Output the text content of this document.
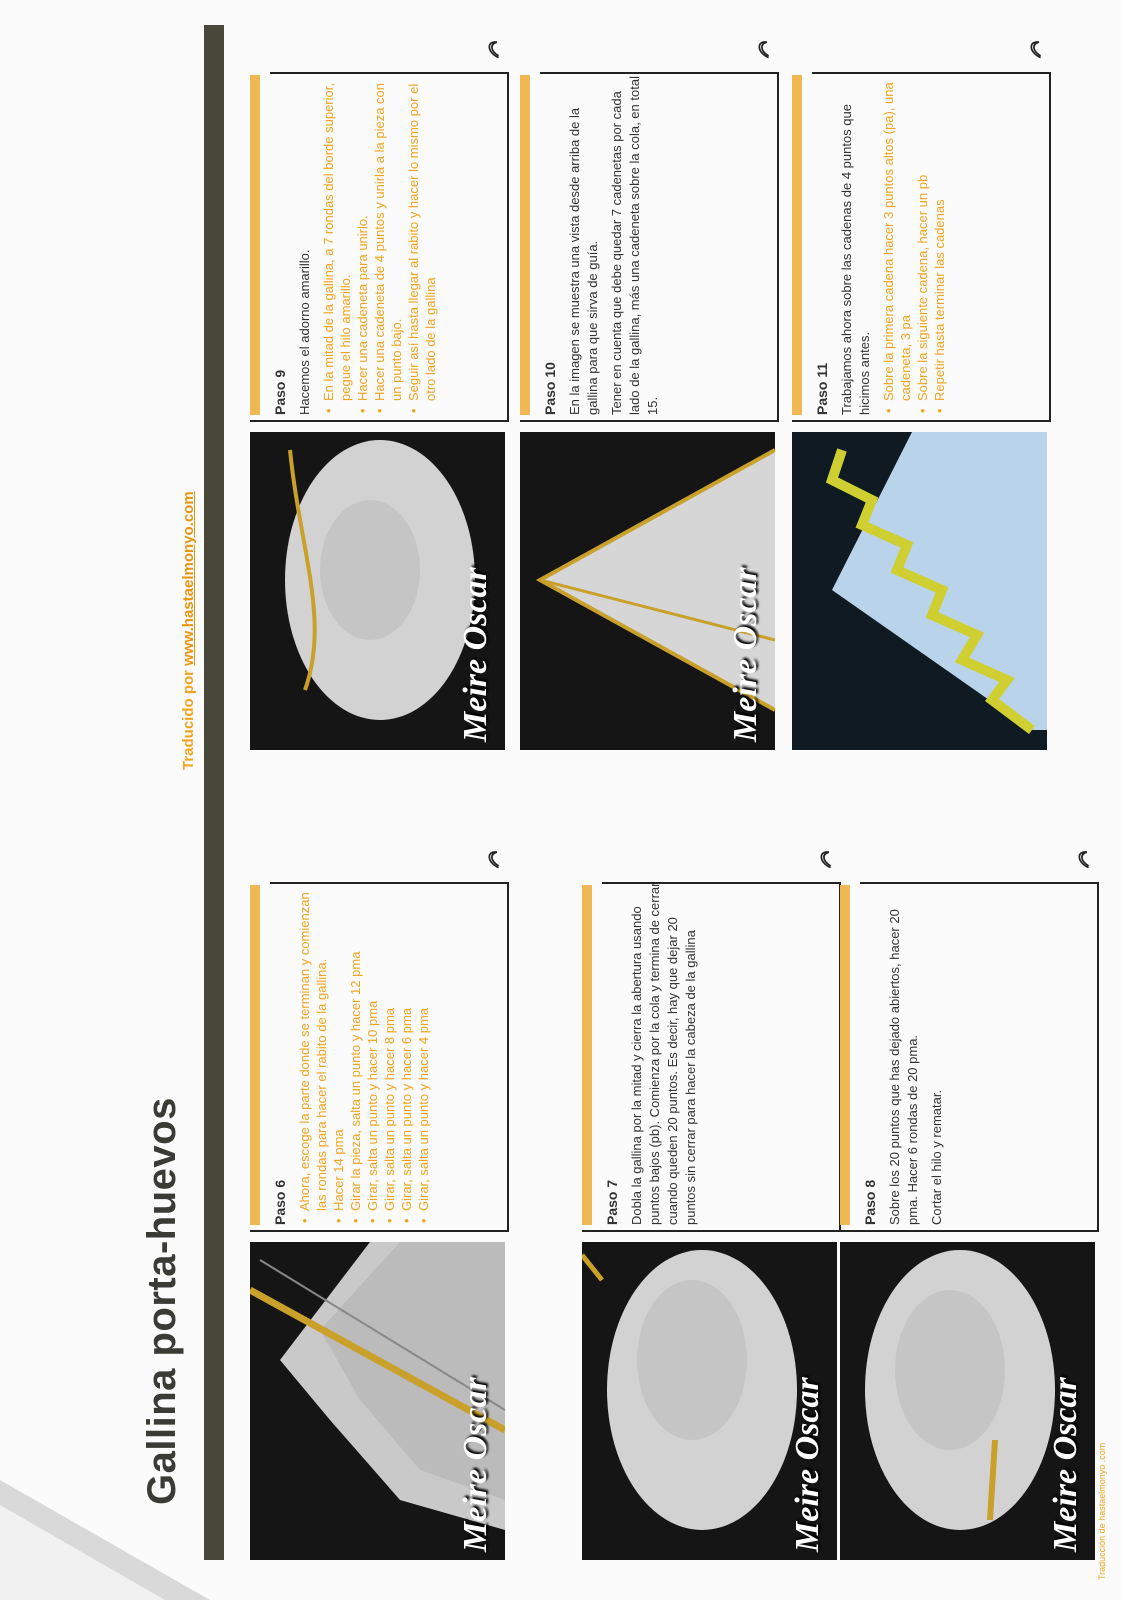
Gallina porta-huevos
Traducido por www.hastaelmonyo.com
Meire Oscar
Paso 6 • Ahora, escoge la parte donde se terminan y comienzan las rondas para hacer el rabito de la gallina. • Hacer 14 pma • Girar la pieza, salta un punto y hacer 12 pma • Girar, salta un punto y hacer 10 pma • Girar, salta un punto y hacer 8 pma • Girar, salta un punto y hacer 6 pma • Girar, salta un punto y hacer 4 pma
Meire Oscar
Paso 7 Dobla la gallina por la mitad y cierra la abertura usando puntos bajos (pb). Comienza por la cola y termina de cerrar cuando queden 20 puntos. Es decir, hay que dejar 20 puntos sin cerrar para hacer la cabeza de la gallina

Meire Oscar
Paso 8 Sobre los 20 puntos que has dejado abiertos, hacer 20 pma. Hacer 6 rondas de 20 pma. Cortar el hilo y rematar.

Meire Oscar
Paso 9 Hacemos el adorno amarillo. • En la mitad de la gallina, a 7 rondas del borde superior, pegue el hilo amarillo. • Hacer una cadeneta para unirlo. • Hacer una cadeneta de 4 puntos y unirla a la pieza con un punto bajo. • Seguir así hasta llegar al rabito y hacer lo mismo por el otro lado de la gallina
Meire Oscar
Paso 10 En la imagen se muestra una vista desde arriba de la gallina para que sirva de guía. Tener en cuenta que debe quedar 7 cadenetas por cada lado de la gallina, más una cadeneta sobre la cola, en total 15.	Paso 11 Trabajamos ahora sobre las cadenas de 4 puntos que hicimos antes. • Sobre la primera cadena hacer 3 puntos altos (pa), una cadeneta, 3 pa • Sobre la siguiente cadena, hacer un pb • Repetir hasta terminar las cadenas
Traducción de hastaelmonyo .com
